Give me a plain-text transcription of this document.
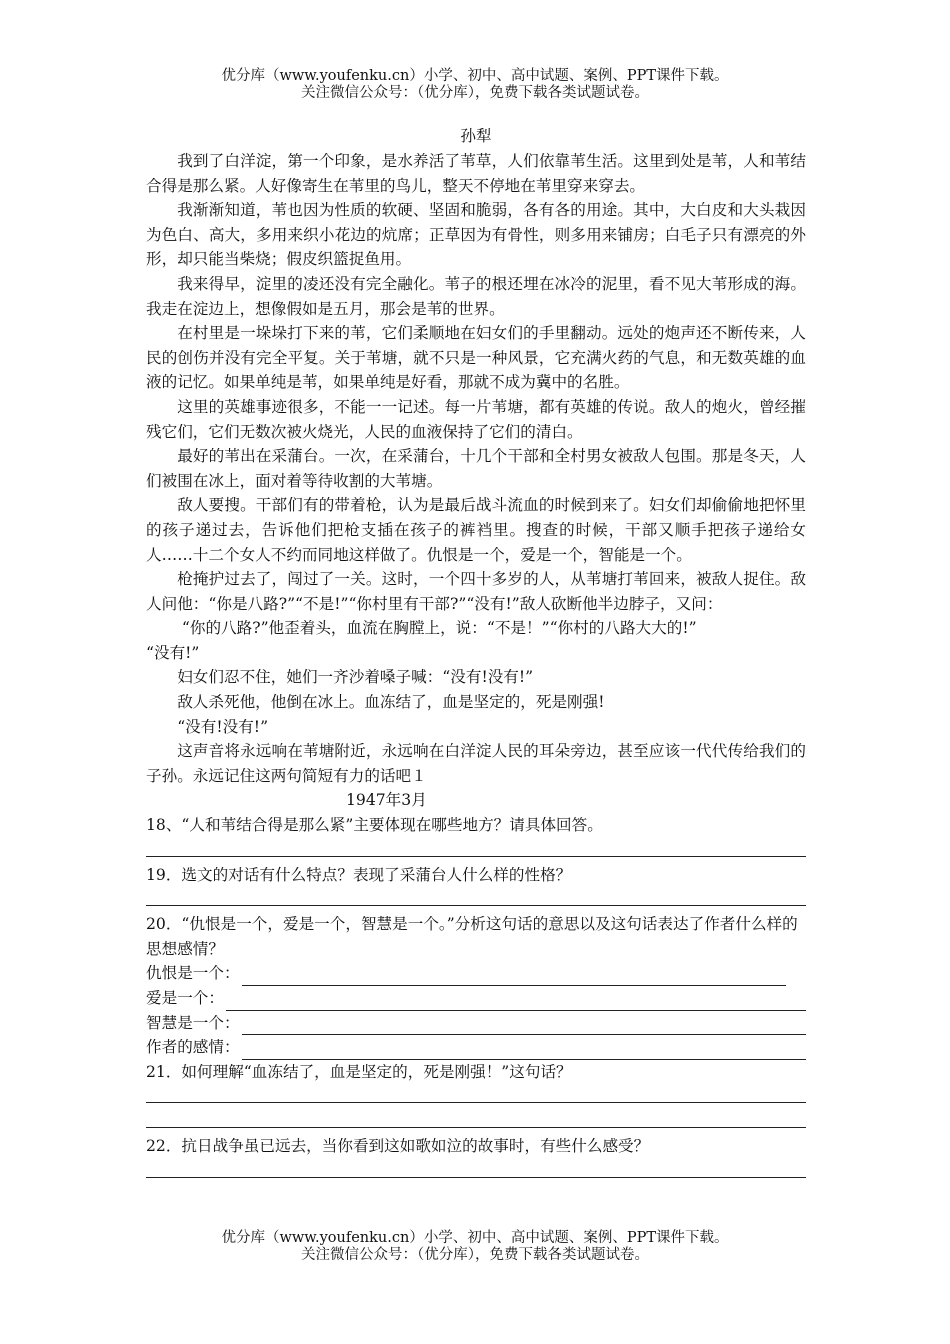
优分库（www.youfenku.cn）小学、初中、高中试题、案例、PPT课件下载。
关注微信公众号：（优分库），免费下载各类试题试卷。
孙犁

我到了白洋淀，第一个印象，是水养活了苇草，人们依靠苇生活。这里到处是苇，人和苇结合得是那么紧。人好像寄生在苇里的鸟儿，整天不停地在苇里穿来穿去。

我渐渐知道，苇也因为性质的软硬、坚固和脆弱，各有各的用途。其中，大白皮和大头栽因为色白、高大，多用来织小花边的炕席；正草因为有骨性，则多用来铺房；白毛子只有漂亮的外形，却只能当柴烧；假皮织篮捉鱼用。

我来得早，淀里的凌还没有完全融化。苇子的根还埋在冰冷的泥里，看不见大苇形成的海。我走在淀边上，想像假如是五月，那会是苇的世界。

在村里是一垛垛打下来的苇，它们柔顺地在妇女们的手里翻动。远处的炮声还不断传来，人民的创伤并没有完全平复。关于苇塘，就不只是一种风景，它充满火药的气息，和无数英雄的血液的记忆。如果单纯是苇，如果单纯是好看，那就不成为冀中的名胜。

这里的英雄事迹很多，不能一一记述。每一片苇塘，都有英雄的传说。敌人的炮火，曾经摧残它们，它们无数次被火烧光，人民的血液保持了它们的清白。

最好的苇出在采蒲台。一次，在采蒲台，十几个干部和全村男女被敌人包围。那是冬天，人们被围在冰上，面对着等待收割的大苇塘。

敌人要搜。干部们有的带着枪，认为是最后战斗流血的时候到来了。妇女们却偷偷地把怀里的孩子递过去，告诉他们把枪支插在孩子的裤裆里。搜查的时候，干部又顺手把孩子递给女人……十二个女人不约而同地这样做了。仇恨是一个，爱是一个，智能是一个。

枪掩护过去了，闯过了一关。这时，一个四十多岁的人，从苇塘打苇回来，被敌人捉住。敌人问他：“你是八路?”“不是!”“你村里有干部?”“没有!”敌人砍断他半边脖子，又问：

“你的八路?”他歪着头，血流在胸膛上，说：“不是！”“你村的八路大大的!”

“没有!”

妇女们忍不住，她们一齐沙着嗓子喊：“没有!没有!”

敌人杀死他，他倒在冰上。血冻结了，血是坚定的，死是刚强!

“没有!没有!”

这声音将永远响在苇塘附近，永远响在白洋淀人民的耳朵旁边，甚至应该一代代传给我们的子孙。永远记住这两句简短有力的话吧１

1947年3月

18、“人和苇结合得是那么紧”主要体现在哪些地方？请具体回答。

19．选文的对话有什么特点？表现了采蒲台人什么样的性格？

20．“仇恨是一个，爱是一个，智慧是一个。”分析这句话的意思以及这句话表达了作者什么样的思想感情？

仇恨是一个：
爱是一个：
智慧是一个：
作者的感情：

21．如何理解“血冻结了，血是坚定的，死是刚强！”这句话？

22．抗日战争虽已远去，当你看到这如歌如泣的故事时，有些什么感受？

优分库（www.youfenku.cn）小学、初中、高中试题、案例、PPT课件下载。
关注微信公众号：（优分库），免费下载各类试题试卷。
